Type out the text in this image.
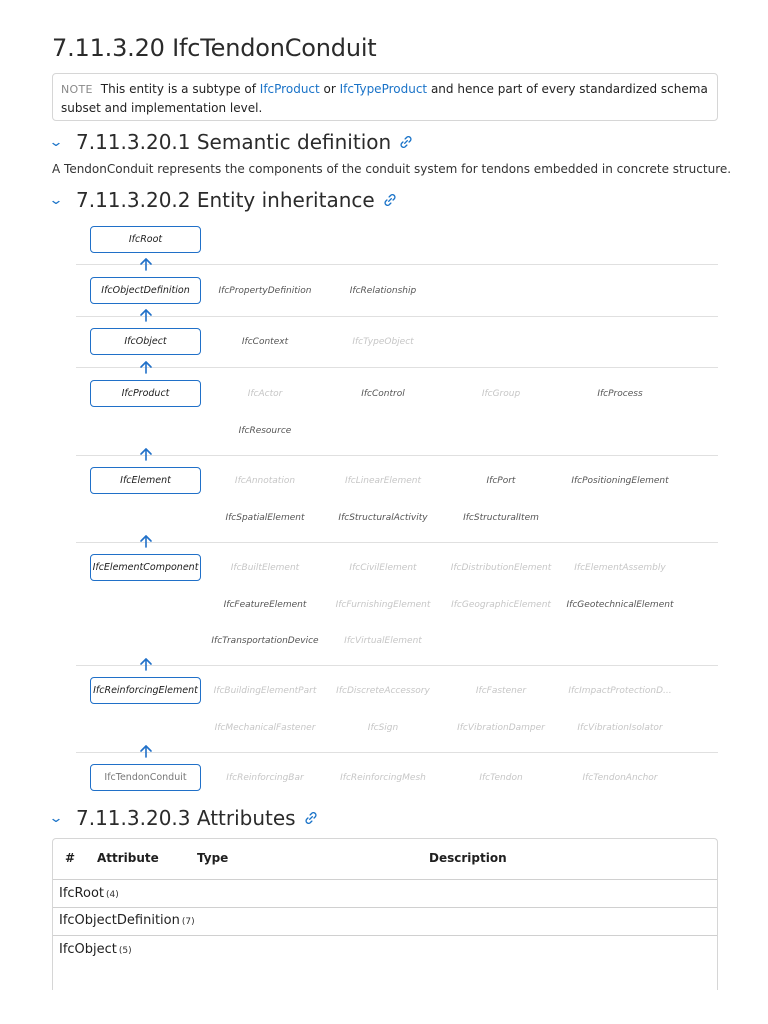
7.11.3.20 IfcTendonConduit
NOTE This entity is a subtype of IfcProduct or IfcTypeProduct and hence part of every standardized schema subset and implementation level.
⌄ 7.11.3.20.1 Semantic definition
A TendonConduit represents the components of the conduit system for tendons embedded in concrete structure.
⌄ 7.11.3.20.2 Entity inheritance
IfcRoot
IfcObjectDefinition	IfcPropertyDefinition	IfcRelationship
IfcObject	IfcContext	IfcTypeObject
IfcProduct	IfcActor	IfcControl	IfcGroup	IfcProcess
IfcResource
IfcElement	IfcAnnotation	IfcLinearElement	IfcPort	IfcPositioningElement
IfcSpatialElement	IfcStructuralActivity	IfcStructuralItem
IfcElementComponent	IfcBuiltElement	IfcCivilElement	IfcDistributionElement	IfcElementAssembly
IfcFeatureElement	IfcFurnishingElement	IfcGeographicElement	IfcGeotechnicalElement
IfcTransportationDevice	IfcVirtualElement
IfcReinforcingElement	IfcBuildingElementPart	IfcDiscreteAccessory	IfcFastener	IfcImpactProtectionD...
IfcMechanicalFastener	IfcSign	IfcVibrationDamper	IfcVibrationIsolator
IfcTendonConduit	IfcReinforcingBar	IfcReinforcingMesh	IfcTendon	IfcTendonAnchor
⌄ 7.11.3.20.3 Attributes
# Attribute	Type	Description
IfcRoot (4)
IfcObjectDefinition (7)
IfcObject (5)
